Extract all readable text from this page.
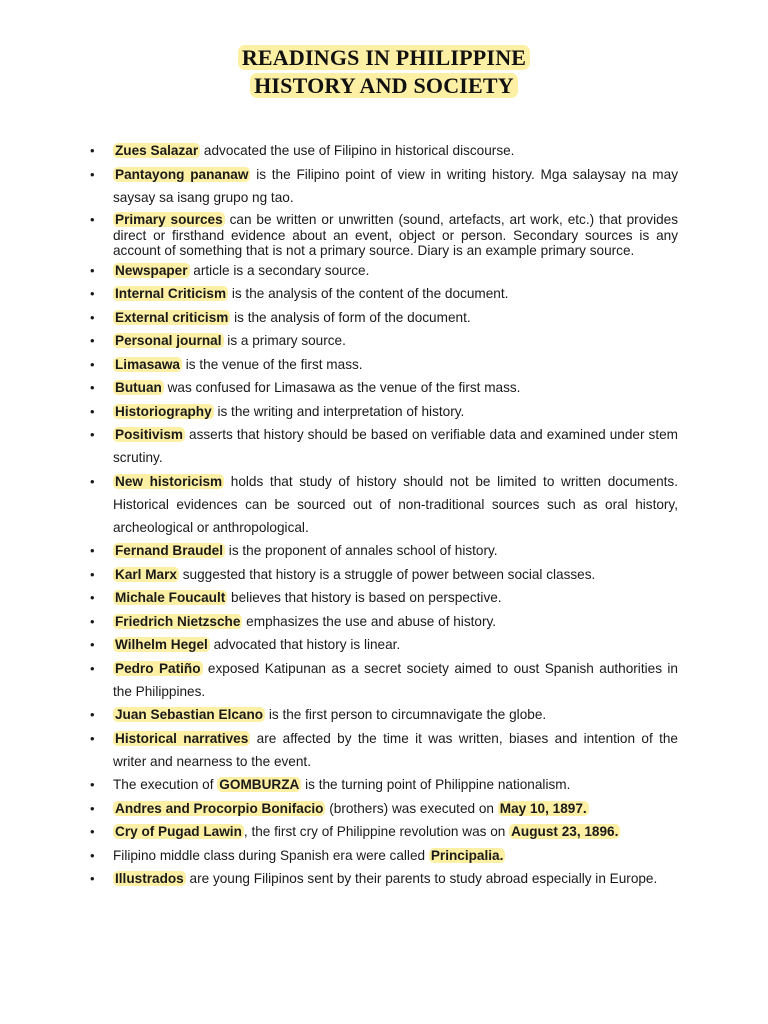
READINGS IN PHILIPPINE
HISTORY AND SOCIETY
• Zues Salazar advocated the use of Filipino in historical discourse.
• Pantayong pananaw is the Filipino point of view in writing history. Mga salaysay na may saysay sa isang grupo ng tao.
• Primary sources can be written or unwritten (sound, artefacts, art work, etc.) that provides direct or firsthand evidence about an event, object or person. Secondary sources is any account of something that is not a primary source. Diary is an example primary source.
• Newspaper article is a secondary source.
• Internal Criticism is the analysis of the content of the document.
• External criticism is the analysis of form of the document.
• Personal journal is a primary source.
• Limasawa is the venue of the first mass.
• Butuan was confused for Limasawa as the venue of the first mass.
• Historiography is the writing and interpretation of history.
• Positivism asserts that history should be based on verifiable data and examined under stem scrutiny.
• New historicism holds that study of history should not be limited to written documents. Historical evidences can be sourced out of non-traditional sources such as oral history, archeological or anthropological.
• Fernand Braudel is the proponent of annales school of history.
• Karl Marx suggested that history is a struggle of power between social classes.
• Michale Foucault believes that history is based on perspective.
• Friedrich Nietzsche emphasizes the use and abuse of history.
• Wilhelm Hegel advocated that history is linear.
• Pedro Patiño exposed Katipunan as a secret society aimed to oust Spanish authorities in the Philippines.
• Juan Sebastian Elcano is the first person to circumnavigate the globe.
• Historical narratives are affected by the time it was written, biases and intention of the writer and nearness to the event.
• The execution of GOMBURZA is the turning point of Philippine nationalism.
• Andres and Procorpio Bonifacio (brothers) was executed on May 10, 1897.
• Cry of Pugad Lawin , the first cry of Philippine revolution was on August 23, 1896.
• Filipino middle class during Spanish era were called Principalia.
• Illustrados are young Filipinos sent by their parents to study abroad especially in Europe.
